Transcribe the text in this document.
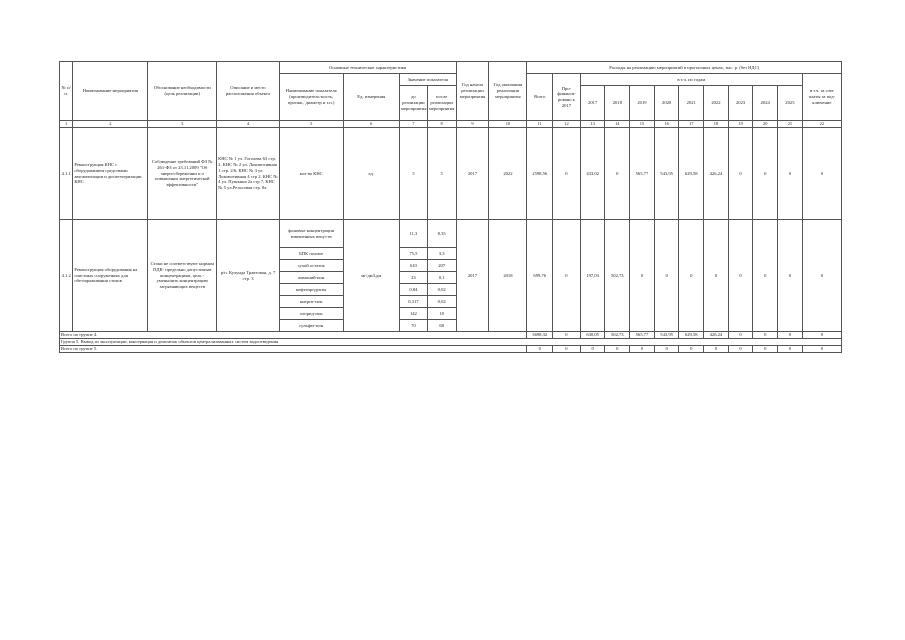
№ п/п.	Наименование мероприятия	Обоснование необходимости (цель реализации)	Описание и место расположения объекта	Основные технические характеристики				Год начала реализации мероприятия	Год окончания реализации мероприятия	Расходы на реализацию мероприятий в прогнозных ценах, тыс. р. (без НДС)											
				Наименование показателя (производитель-ность, протяж., диаметр и т.п.)	Ед. измерения	Значение показателя				Всего	Про-финанси-ровано к 2017	в т.ч. по годам									в т.ч. за счет платы за под-ключение
						до реализации мероприятия	после реализации мероприятия					2017	2018	2019	2020	2021	2022	2023	2024	2025	
1	2	3	4	5	6	7	8	9	10	11	12	13	14	15	16	17	18	19	20	21	22
4.1.1	Реконструкция КНС с оборудованием средствами автоматизации и диспетчеризации КНС	Соблюдение требований ФЗ № 261-ФЗ от 23.11.2009 "Об энергосбережении и о повышении энергетической эффективности"	КНС № 1 ул. Гоголева 63 стр. 2, КНС № 2 ул. Локомотивная 1 стр. 2/6, КНС № 3 ул. Локомотивная 4 стр 2, КНС № 4 ул. Пушкина 2а стр 7, КНС № 5 ул.Рельсовая стр. 8а	кол-во КНС	ед.	5	5	2017	2022	2598,56	0	433,02	0	565,77	543,95	629,58	426,24	0	0	0	0
4.1.2	Реконструкция оборудования на очистных сооружениях для обеззараживания стоков	Стоки не соответствуют нормам ПДК- предельно допустимым концентрациям, цель - уменьшить концентрацию загрязняющих веществ	р/п. Кулунда Трактовая, д. 7 стр. 3	фоновые концентрации взвешенных вещ-ств	мг/дм3,дм	11,3	8,35	2017	2018	699,76	0	197,03	502,73	0	0	0	0	0	0	0	0
				БПК полное		75,5	3,3														
				сухой остаток		610	207														
				аммоний-ион		23	0,1														
				нефтепродукты		0,84	0,02														
				нитрит-ион		0,317	0,02														
				хлорид-ион		142	18														
				сульфат-ион		70	68														
Всего по группе 4.										3698,32	0	630,05	502,73	565,77	543,95	629,58	426,24	0	0	0	0
Группа 5. Вывод из эксплуатации, консервация и демонтаж объектов централизованных систем водоотведения																					
Всего по группе 5.										0	0	0	0	0	0	0	0	0	0	0	0
